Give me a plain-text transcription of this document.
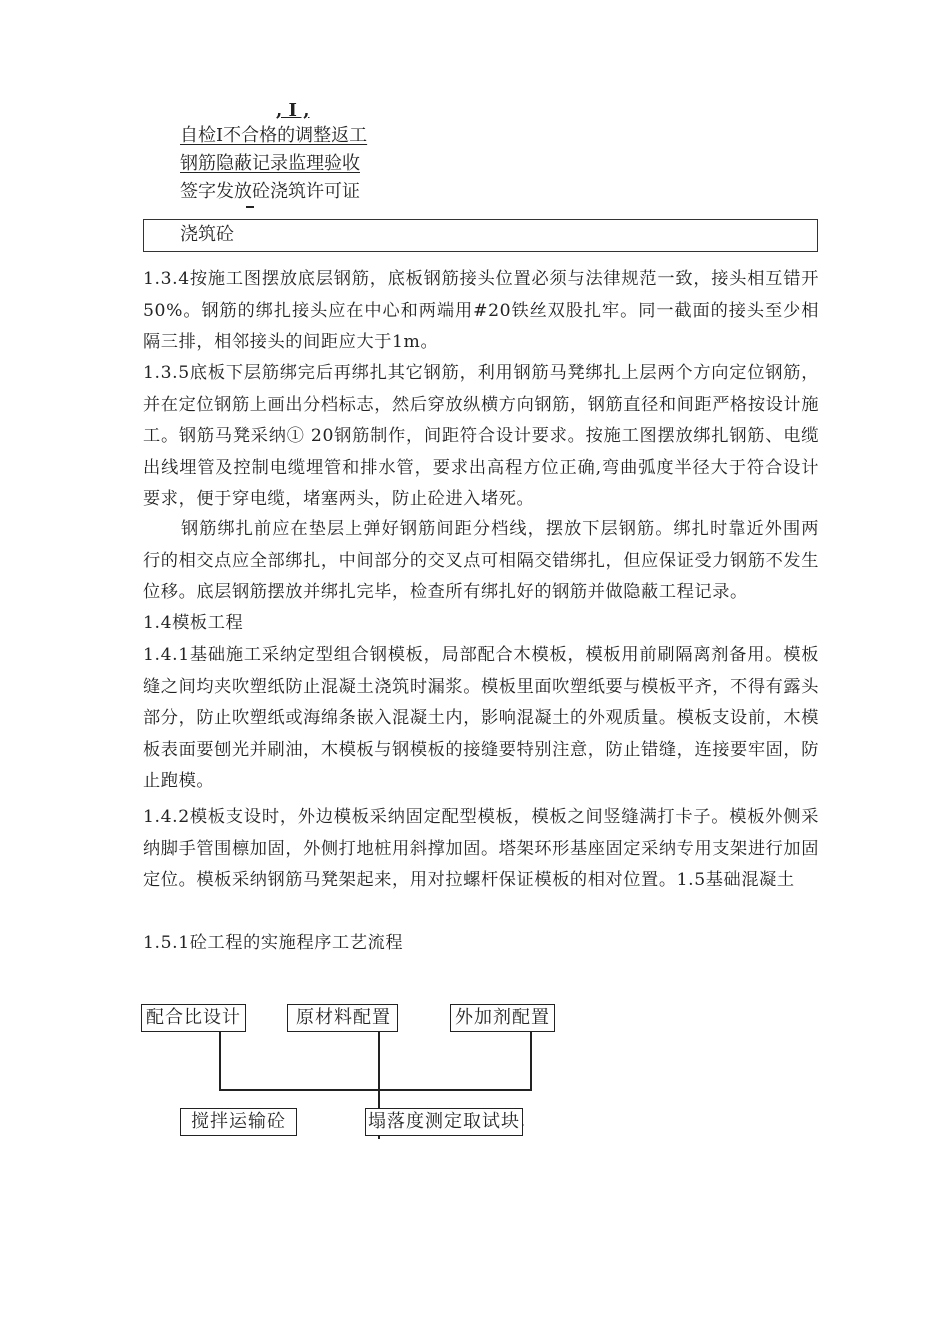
, I ,
自检I不合格的调整返工
钢筋隐蔽记录监理验收
签字发放砼浇筑许可证
浇筑砼

1.3.4按施工图摆放底层钢筋，底板钢筋接头位置必须与法律规范一致，接头相互错开50%。钢筋的绑扎接头应在中心和两端用#20铁丝双股扎牢。同一截面的接头至少相隔三排，相邻接头的间距应大于1m。

1.3.5底板下层筋绑完后再绑扎其它钢筋，利用钢筋马凳绑扎上层两个方向定位钢筋，并在定位钢筋上画出分档标志，然后穿放纵横方向钢筋，钢筋直径和间距严格按设计施工。钢筋马凳采纳① 20钢筋制作，间距符合设计要求。按施工图摆放绑扎钢筋、电缆出线埋管及控制电缆埋管和排水管，要求出高程方位正确,弯曲弧度半径大于符合设计要求，便于穿电缆，堵塞两头，防止砼进入堵死。

钢筋绑扎前应在垫层上弹好钢筋间距分档线，摆放下层钢筋。绑扎时靠近外围两行的相交点应全部绑扎，中间部分的交叉点可相隔交错绑扎，但应保证受力钢筋不发生位移。底层钢筋摆放并绑扎完毕，检查所有绑扎好的钢筋并做隐蔽工程记录。

1.4模板工程

1.4.1基础施工采纳定型组合钢模板，局部配合木模板，模板用前刷隔离剂备用。模板缝之间均夹吹塑纸防止混凝土浇筑时漏浆。模板里面吹塑纸要与模板平齐，不得有露头部分，防止吹塑纸或海绵条嵌入混凝土内，影响混凝土的外观质量。模板支设前，木模板表面要刨光并刷油，木模板与钢模板的接缝要特别注意，防止错缝，连接要牢固，防止跑模。

1.4.2模板支设时，外边模板采纳固定配型模板，模板之间竖缝满打卡子。模板外侧采纳脚手管围檩加固，外侧打地桩用斜撑加固。塔架环形基座固定采纳专用支架进行加固定位。模板采纳钢筋马凳架起来，用对拉螺杆保证模板的相对位置。1.5基础混凝土

1.5.1砼工程的实施程序工艺流程

配合比设计	原材料配置	外加剂配置
搅拌运输砼	塌落度测定取试块
